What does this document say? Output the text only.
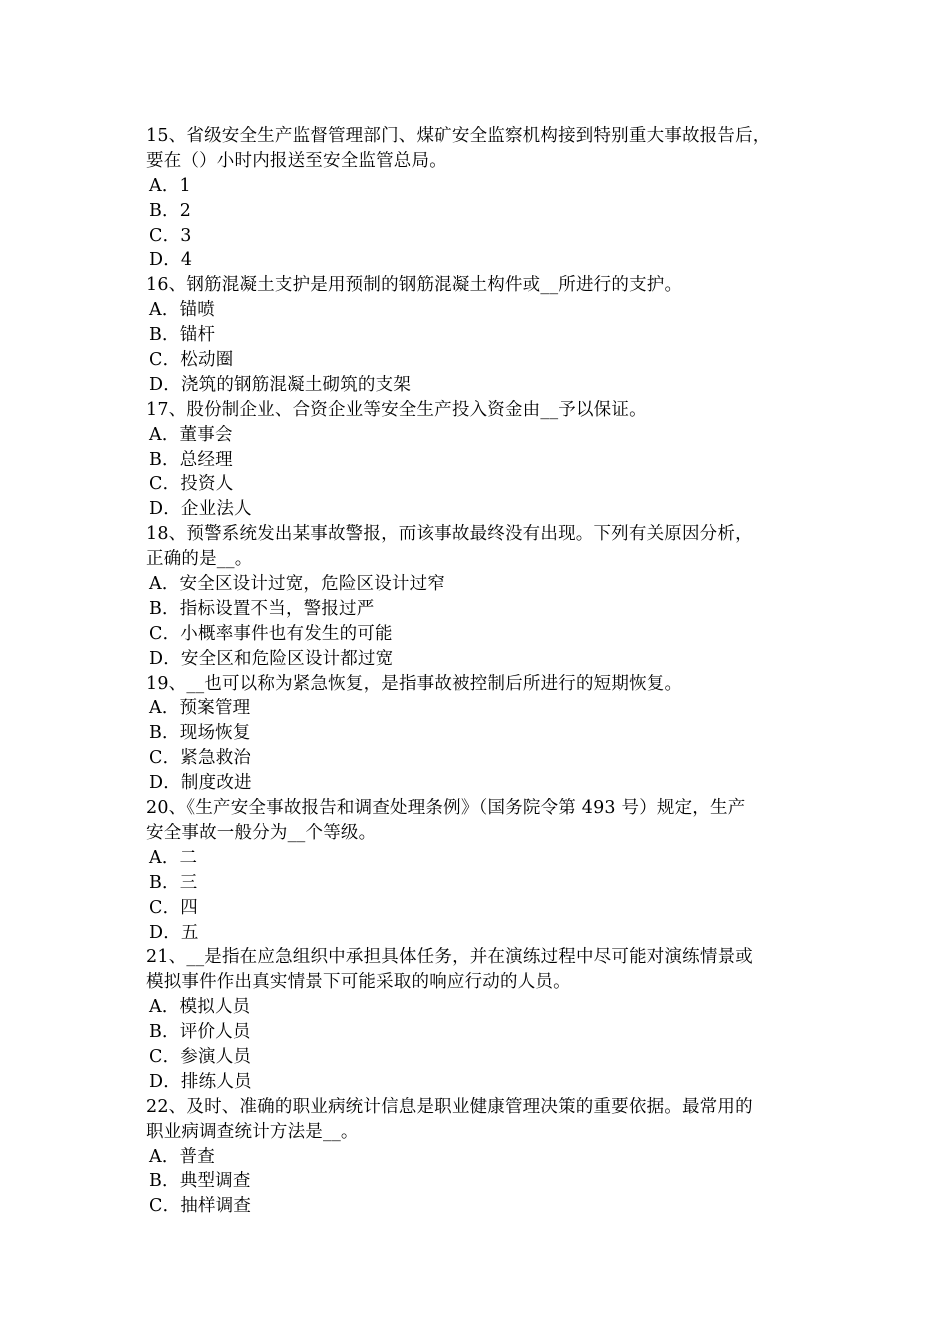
15、省级安全生产监督管理部门、煤矿安全监察机构接到特别重大事故报告后，
要在（）小时内报送至安全监管总局。
A．1
B．2
C．3
D．4
16、钢筋混凝土支护是用预制的钢筋混凝土构件或__所进行的支护。
A．锚喷
B．锚杆
C．松动圈
D．浇筑的钢筋混凝土砌筑的支架
17、股份制企业、合资企业等安全生产投入资金由__予以保证。
A．董事会
B．总经理
C．投资人
D．企业法人
18、预警系统发出某事故警报，而该事故最终没有出现。下列有关原因分析，
正确的是__。
A．安全区设计过宽，危险区设计过窄
B．指标设置不当，警报过严
C．小概率事件也有发生的可能
D．安全区和危险区设计都过宽
19、__也可以称为紧急恢复，是指事故被控制后所进行的短期恢复。
A．预案管理
B．现场恢复
C．紧急救治
D．制度改进
20、《生产安全事故报告和调查处理条例》（国务院令第 493 号）规定，生产
安全事故一般分为__个等级。
A．二
B．三
C．四
D．五
21、__是指在应急组织中承担具体任务，并在演练过程中尽可能对演练情景或
模拟事件作出真实情景下可能采取的响应行动的人员。
A．模拟人员
B．评价人员
C．参演人员
D．排练人员
22、及时、准确的职业病统计信息是职业健康管理决策的重要依据。最常用的
职业病调查统计方法是__。
A．普查
B．典型调查
C．抽样调查
